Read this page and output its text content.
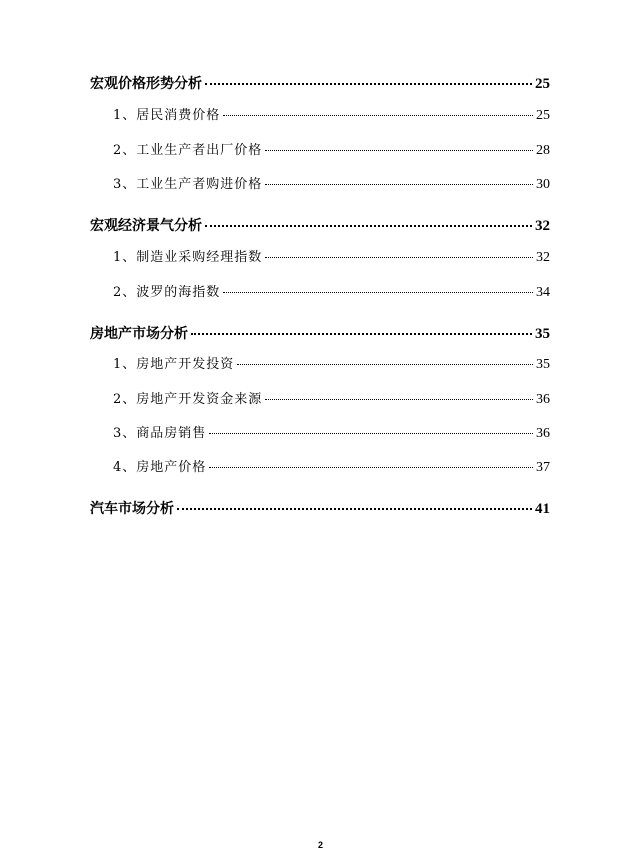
宏观价格形势分析	25
1、居民消费价格	25
2、工业生产者出厂价格	28
3、工业生产者购进价格	30
宏观经济景气分析	32
1、制造业采购经理指数	32
2、波罗的海指数	34
房地产市场分析	35
1、房地产开发投资	35
2、房地产开发资金来源	36
3、商品房销售	36
4、房地产价格	37
汽车市场分析	41
2
